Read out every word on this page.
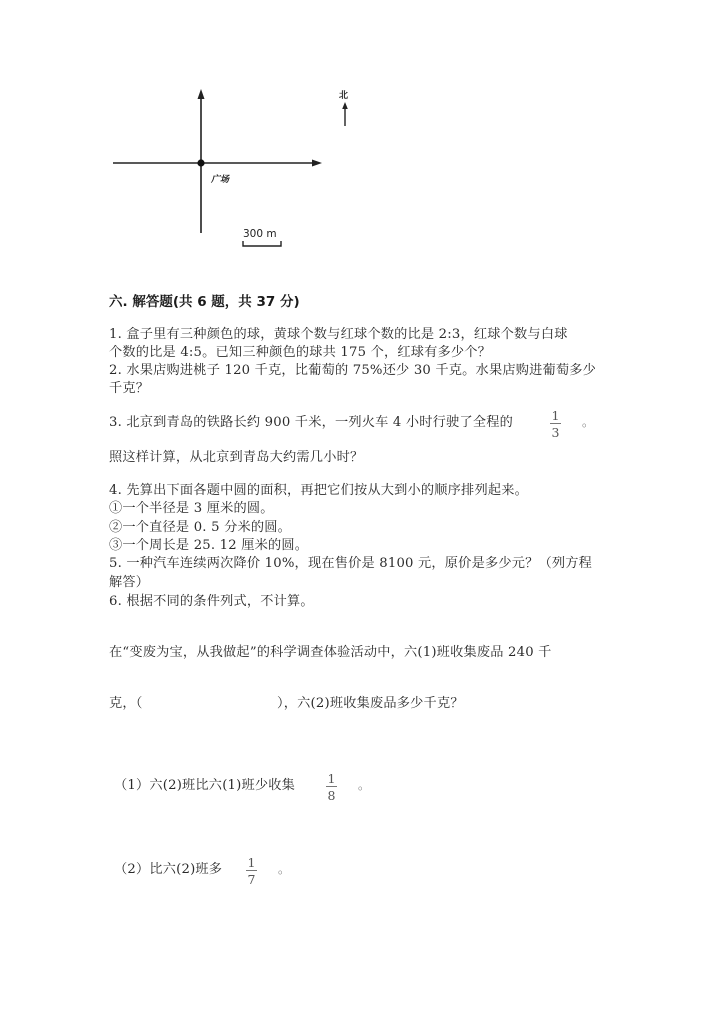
广场
北
300 m
六. 解答题(共 6 题，共 37 分)
1. 盒子里有三种颜色的球，黄球个数与红球个数的比是 2:3，红球个数与白球
个数的比是 4:5。已知三种颜色的球共 175 个，红球有多少个？
2. 水果店购进桃子 120 千克，比葡萄的 75%还少 30 千克。水果店购进葡萄多少
千克？
3. 北京到青岛的铁路长约 900 千米，一列火车 4 小时行驶了全程的	1
3
。
照这样计算，从北京到青岛大约需几小时？
4. 先算出下面各题中圆的面积，再把它们按从大到小的顺序排列起来。
①一个半径是 3 厘米的圆。
②一个直径是 0. 5 分米的圆。
③一个周长是 25. 12 厘米的圆。
5. 一种汽车连续两次降价 10%，现在售价是 8100 元，原价是多少元？（列方程
解答）
6. 根据不同的条件列式，不计算。
在“变废为宝，从我做起”的科学调查体验活动中，六(1)班收集废品 240 千
克，（	），六(2)班收集废品多少千克？
（1）六(2)班比六(1)班少收集	1
8
。
（2）比六(2)班多 1
7
。
